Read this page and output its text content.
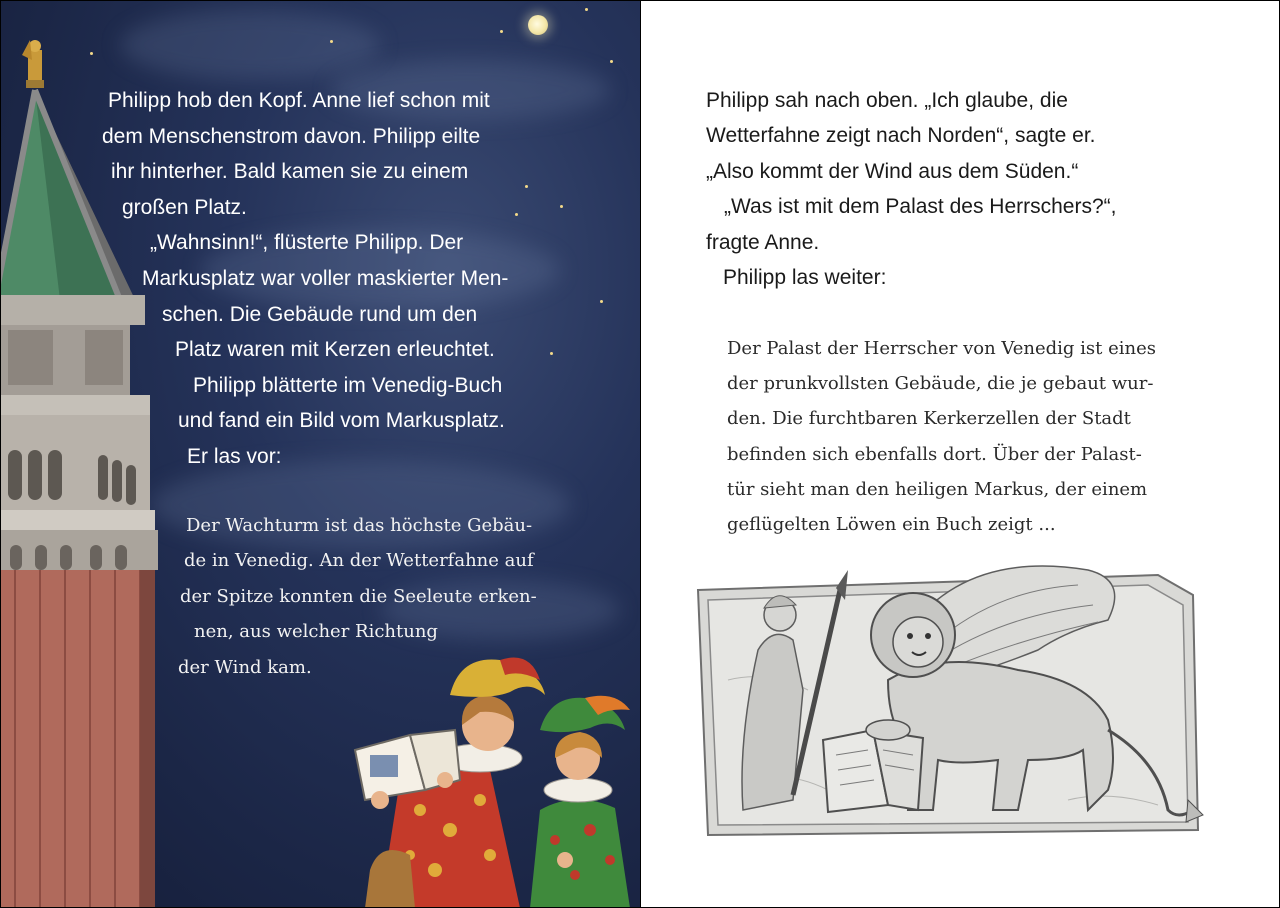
Philipp hob den Kopf. Anne lief schon mit
dem Menschenstrom davon. Philipp eilte
ihr hinterher. Bald kamen sie zu einem
großen Platz.
„Wahnsinn!“, flüsterte Philipp. Der
Markusplatz war voller maskierter Men-
schen. Die Gebäude rund um den
Platz waren mit Kerzen erleuchtet.
Philipp blätterte im Venedig-Buch
und fand ein Bild vom Markusplatz.
Er las vor:
Der Wachturm ist das höchste Gebäu-
de in Venedig. An der Wetterfahne auf
der Spitze konnten die Seeleute erken-
nen, aus welcher Richtung
der Wind kam.
Philipp sah nach oben. „Ich glaube, die
Wetterfahne zeigt nach Norden“, sagte er.
„Also kommt der Wind aus dem Süden.“
„Was ist mit dem Palast des Herrschers?“,
fragte Anne.
Philipp las weiter:
Der Palast der Herrscher von Venedig ist eines
der prunkvollsten Gebäude, die je gebaut wur-
den. Die furchtbaren Kerkerzellen der Stadt
befinden sich ebenfalls dort. Über der Palast-
tür sieht man den heiligen Markus, der einem
geflügelten Löwen ein Buch zeigt ...
